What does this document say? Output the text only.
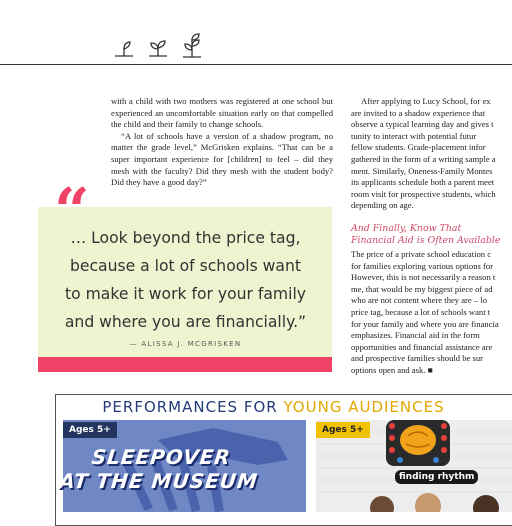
with a child with two mothers was registered at one school but experienced an uncomfortable situation early on that compelled the child and their family to change schools.

“A lot of schools have a version of a shadow program, no matter the grade level,” McGrisken explains. “That can be a super important experience for [children] to feel – did they mesh with the faculty? Did they mesh with the student body? Did they have a good day?”

After applying to Lucy School, for ex

are invited to a shadow experience that

observe a typical learning day and gives t

tunity to interact with potential futur

fellow students. Grade-placement infor

gathered in the form of a writing sample a

ment. Similarly, Oneness-Family Montes

its applicants schedule both a parent meet

room visit for prospective students, which

depending on age.

And Finally, Know That
Financial Aid is Often Available

The price of a private school education c

for families exploring various options for

However, this is not necessarily a reason t

me, that would be my biggest piece of ad

who are not content where they are – lo

price tag, because a lot of schools want t

for your family and where you are financia

emphasizes. Financial aid in the form

opportunities and financial assistance are

and prospective families should be sur

options open and ask. ■

“
… Look beyond the price tag,
because a lot of schools want
to make it work for your family
and where you are financially.”
— ALISSA J. MCGRISKEN
PERFORMANCES FOR YOUNG AUDIENCES
SLEEPOVER
AT THE MUSEUM
Ages 5+
finding rhythm
Ages 5+
